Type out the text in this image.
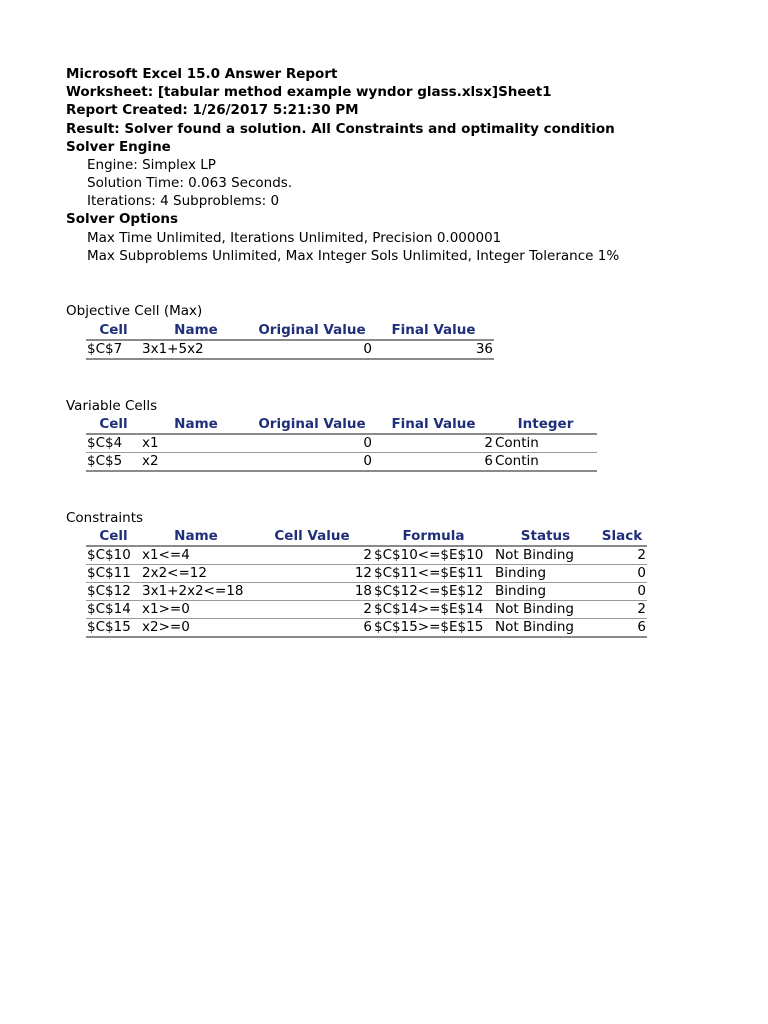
Microsoft Excel 15.0 Answer Report
Worksheet: [tabular method example wyndor glass.xlsx]Sheet1
Report Created: 1/26/2017 5:21:30 PM
Result: Solver found a solution. All Constraints and optimality condition
Solver Engine
Engine: Simplex LP
Solution Time: 0.063 Seconds.
Iterations: 4 Subproblems: 0
Solver Options
Max Time Unlimited, Iterations Unlimited, Precision 0.000001
Max Subproblems Unlimited, Max Integer Sols Unlimited, Integer Tolerance 1%
Objective Cell (Max)
Cell	Name	Original Value	Final Value
$C$7	3x1+5x2	0	36
Variable Cells
Cell	Name	Original Value	Final Value	Integer
$C$4	x1	0	2	Contin
$C$5	x2	0	6	Contin
Constraints
Cell	Name	Cell Value	Formula	Status	Slack
$C$10	x1<=4	2	$C$10<=$E$10	Not Binding	2
$C$11	2x2<=12	12	$C$11<=$E$11	Binding	0
$C$12	3x1+2x2<=18	18	$C$12<=$E$12	Binding	0
$C$14	x1>=0	2	$C$14>=$E$14	Not Binding	2
$C$15	x2>=0	6	$C$15>=$E$15	Not Binding	6
